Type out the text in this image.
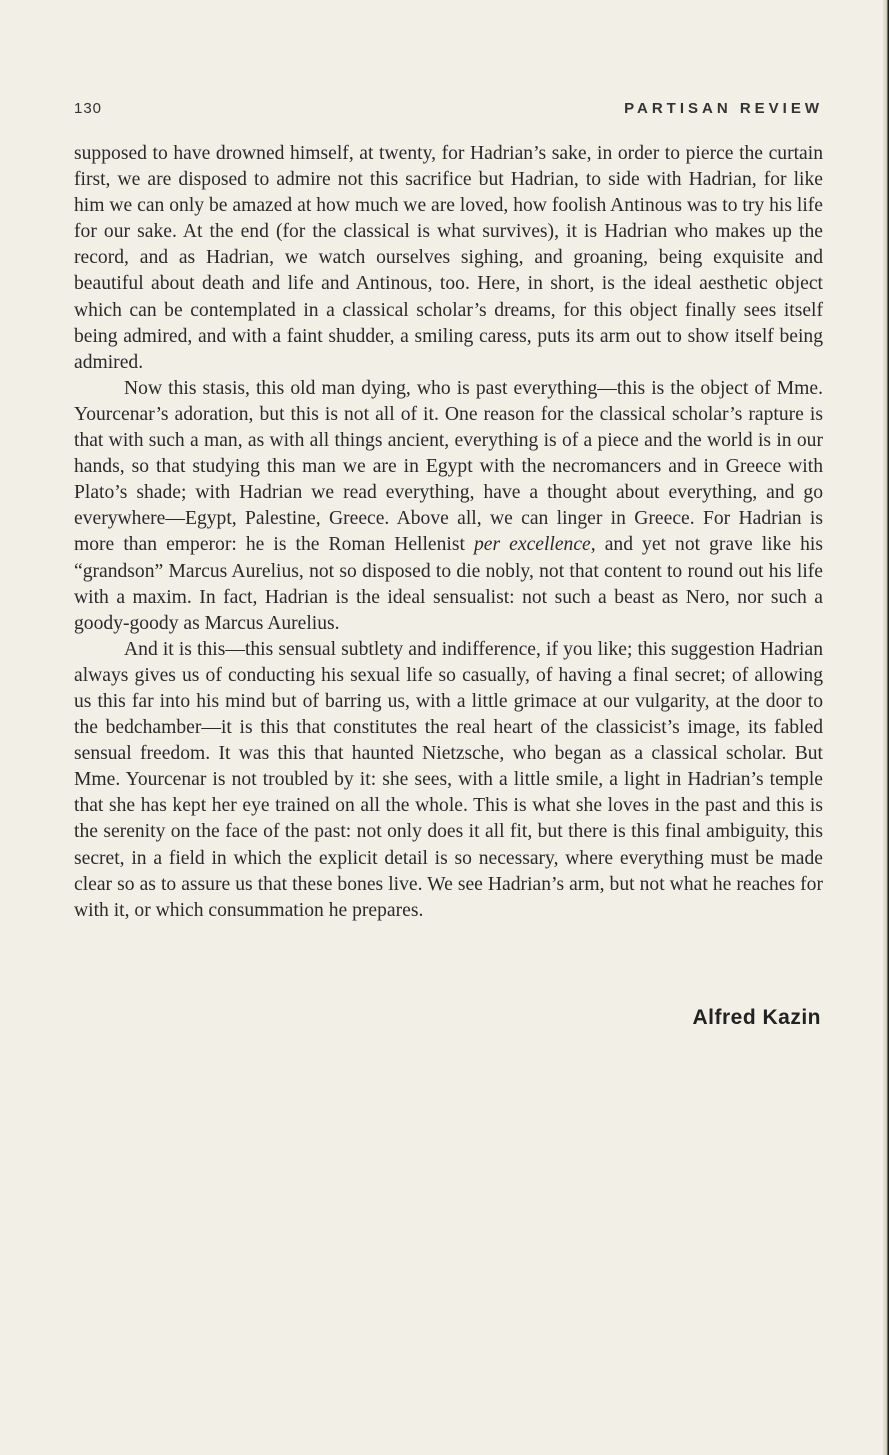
130	PARTISAN REVIEW

supposed to have drowned himself, at twenty, for Hadrian’s sake, in order to pierce the curtain first, we are disposed to admire not this sacrifice but Hadrian, to side with Hadrian, for like him we can only be amazed at how much we are loved, how foolish Antinous was to try his life for our sake. At the end (for the classical is what survives), it is Hadrian who makes up the record, and as Hadrian, we watch ourselves sighing, and groaning, being exquisite and beautiful about death and life and Antinous, too. Here, in short, is the ideal aesthetic object which can be contemplated in a classical scholar’s dreams, for this object finally sees itself being admired, and with a faint shudder, a smiling caress, puts its arm out to show itself being admired.

Now this stasis, this old man dying, who is past everything—this is the object of Mme. Yourcenar’s adoration, but this is not all of it. One reason for the classical scholar’s rapture is that with such a man, as with all things ancient, everything is of a piece and the world is in our hands, so that studying this man we are in Egypt with the necromancers and in Greece with Plato’s shade; with Hadrian we read everything, have a thought about everything, and go everywhere—Egypt, Palestine, Greece. Above all, we can linger in Greece. For Hadrian is more than emperor: he is the Roman Hellenist per excellence, and yet not grave like his “grandson” Marcus Aurelius, not so disposed to die nobly, not that content to round out his life with a maxim. In fact, Hadrian is the ideal sensualist: not such a beast as Nero, nor such a goody-goody as Marcus Aurelius.

And it is this—this sensual subtlety and indifference, if you like; this suggestion Hadrian always gives us of conducting his sexual life so casually, of having a final secret; of allowing us this far into his mind but of barring us, with a little grimace at our vulgarity, at the door to the bedchamber—it is this that constitutes the real heart of the classicist’s image, its fabled sensual freedom. It was this that haunted Nietzsche, who began as a classical scholar. But Mme. Yourcenar is not troubled by it: she sees, with a little smile, a light in Hadrian’s temple that she has kept her eye trained on all the whole. This is what she loves in the past and this is the serenity on the face of the past: not only does it all fit, but there is this final ambiguity, this secret, in a field in which the explicit detail is so necessary, where everything must be made clear so as to assure us that these bones live. We see Hadrian’s arm, but not what he reaches for with it, or which consummation he prepares.

Alfred Kazin
